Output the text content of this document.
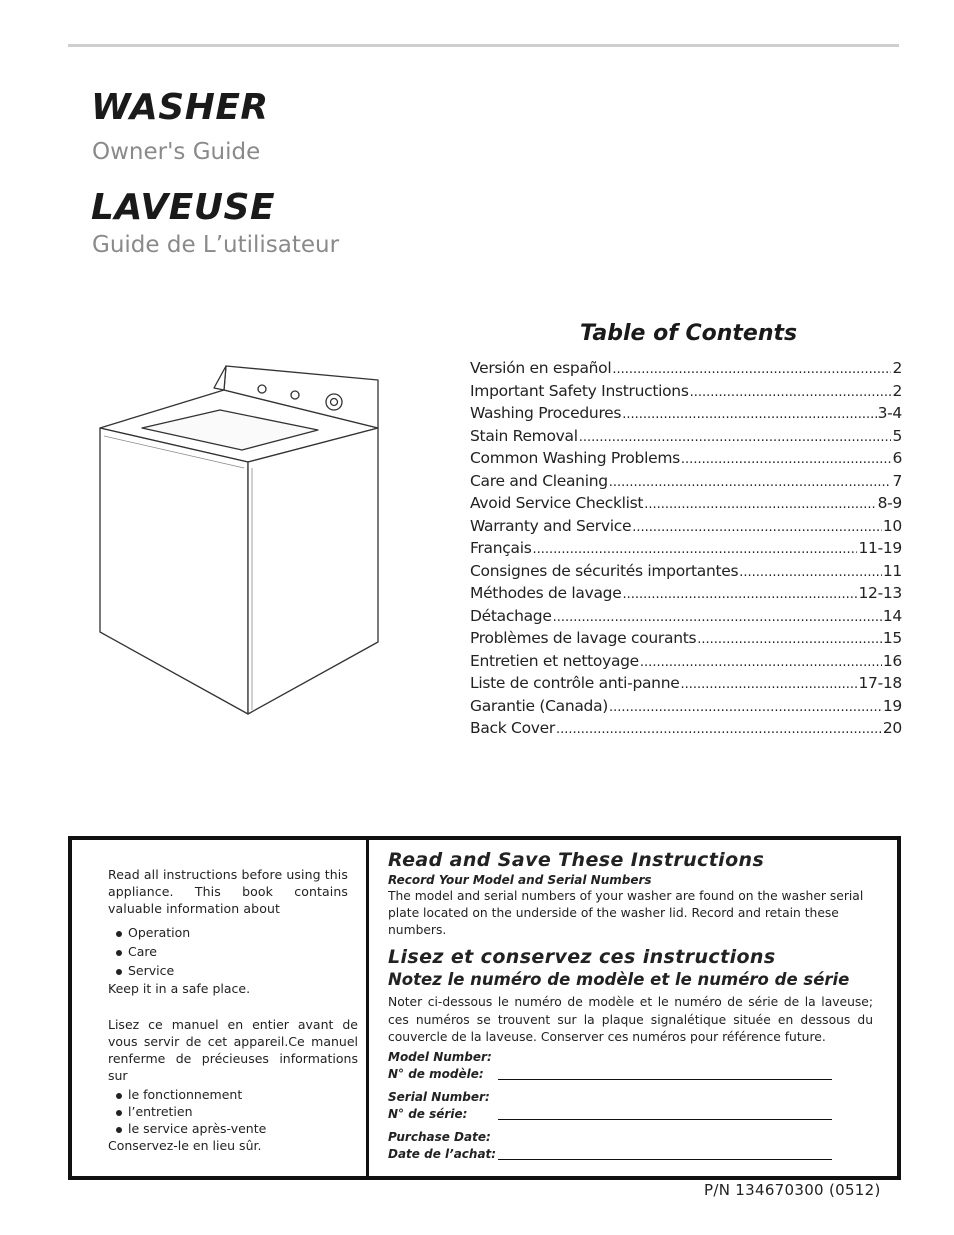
WASHER
Owner's Guide
LAVEUSE
Guide de L’utilisateur
Table of Contents
Versión en español .....	2
Important Safety Instructions .....	2
Washing Procedures .....	3-4
Stain Removal .....	5
Common Washing Problems .....	6
Care and Cleaning .....	7
Avoid Service Checklist .....	8-9
Warranty and Service .....	10
Français .....	11-19
Consignes de sécurités importantes .....	11
Méthodes de lavage .....	12-13
Détachage .....	14
Problèmes de lavage courants .....	15
Entretien et nettoyage .....	16
Liste de contrôle anti-panne .....	17-18
Garantie (Canada) .....	19
Back Cover .....	20
Read all instructions before using this appliance. This book contains valuable information about
Operation
Care
Service
Keep it in a safe place.
Lisez ce manuel en entier avant de vous servir de cet appareil.Ce manuel renferme de précieuses informations sur
le fonctionnement
l’entretien
le service après-vente
Conservez-le en lieu sûr.
Read and Save These Instructions
Record Your Model and Serial Numbers
The model and serial numbers of your washer are found on the washer serial plate located on the underside of the washer lid. Record and retain these numbers.
Lisez et conservez ces instructions
Notez le numéro de modèle et le numéro de série
Noter ci-dessous le numéro de modèle et le numéro de série de la laveuse; ces numéros se trouvent sur la plaque signalétique située en dessous du couvercle de la laveuse. Conserver ces numéros pour référence future.
Model Number:
N° de modèle:
Serial Number:
N° de série:
Purchase Date:
Date de l’achat:
P/N 134670300 (0512)
